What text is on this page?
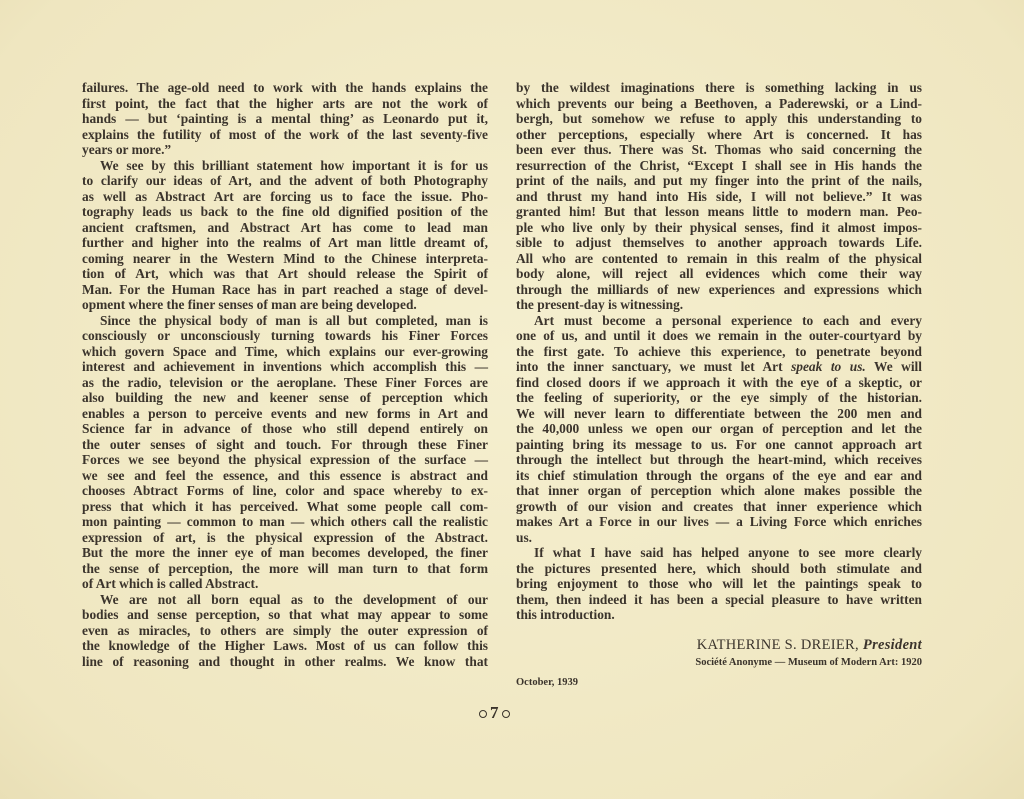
failures. The age-old need to work with the hands explains the
first point, the fact that the higher arts are not the work of
hands — but ‘painting is a mental thing’ as Leonardo put it,
explains the futility of most of the work of the last seventy-five
years or more.”
We see by this brilliant statement how important it is for us
to clarify our ideas of Art, and the advent of both Photography
as well as Abstract Art are forcing us to face the issue. Pho-
tography leads us back to the fine old dignified position of the
ancient craftsmen, and Abstract Art has come to lead man
further and higher into the realms of Art man little dreamt of,
coming nearer in the Western Mind to the Chinese interpreta-
tion of Art, which was that Art should release the Spirit of
Man. For the Human Race has in part reached a stage of devel-
opment where the finer senses of man are being developed.
Since the physical body of man is all but completed, man is
consciously or unconsciously turning towards his Finer Forces
which govern Space and Time, which explains our ever-growing
interest and achievement in inventions which accomplish this —
as the radio, television or the aeroplane. These Finer Forces are
also building the new and keener sense of perception which
enables a person to perceive events and new forms in Art and
Science far in advance of those who still depend entirely on
the outer senses of sight and touch. For through these Finer
Forces we see beyond the physical expression of the surface —
we see and feel the essence, and this essence is abstract and
chooses Abtract Forms of line, color and space whereby to ex-
press that which it has perceived. What some people call com-
mon painting — common to man — which others call the realistic
expression of art, is the physical expression of the Abstract.
But the more the inner eye of man becomes developed, the finer
the sense of perception, the more will man turn to that form
of Art which is called Abstract.
We are not all born equal as to the development of our
bodies and sense perception, so that what may appear to some
even as miracles, to others are simply the outer expression of
the knowledge of the Higher Laws. Most of us can follow this
line of reasoning and thought in other realms. We know that
by the wildest imaginations there is something lacking in us
which prevents our being a Beethoven, a Paderewski, or a Lind-
bergh, but somehow we refuse to apply this understanding to
other perceptions, especially where Art is concerned. It has
been ever thus. There was St. Thomas who said concerning the
resurrection of the Christ, “Except I shall see in His hands the
print of the nails, and put my finger into the print of the nails,
and thrust my hand into His side, I will not believe.” It was
granted him! But that lesson means little to modern man. Peo-
ple who live only by their physical senses, find it almost impos-
sible to adjust themselves to another approach towards Life.
All who are contented to remain in this realm of the physical
body alone, will reject all evidences which come their way
through the milliards of new experiences and expressions which
the present-day is witnessing.
Art must become a personal experience to each and every
one of us, and until it does we remain in the outer-courtyard by
the first gate. To achieve this experience, to penetrate beyond
into the inner sanctuary, we must let Art speak to us. We will
find closed doors if we approach it with the eye of a skeptic, or
the feeling of superiority, or the eye simply of the historian.
We will never learn to differentiate between the 200 men and
the 40,000 unless we open our organ of perception and let the
painting bring its message to us. For one cannot approach art
through the intellect but through the heart-mind, which receives
its chief stimulation through the organs of the eye and ear and
that inner organ of perception which alone makes possible the
growth of our vision and creates that inner experience which
makes Art a Force in our lives — a Living Force which enriches
us.
If what I have said has helped anyone to see more clearly
the pictures presented here, which should both stimulate and
bring enjoyment to those who will let the paintings speak to
them, then indeed it has been a special pleasure to have written
this introduction.
KATHERINE S. DREIER, President
Société Anonyme — Museum of Modern Art: 1920
October, 1939
7
